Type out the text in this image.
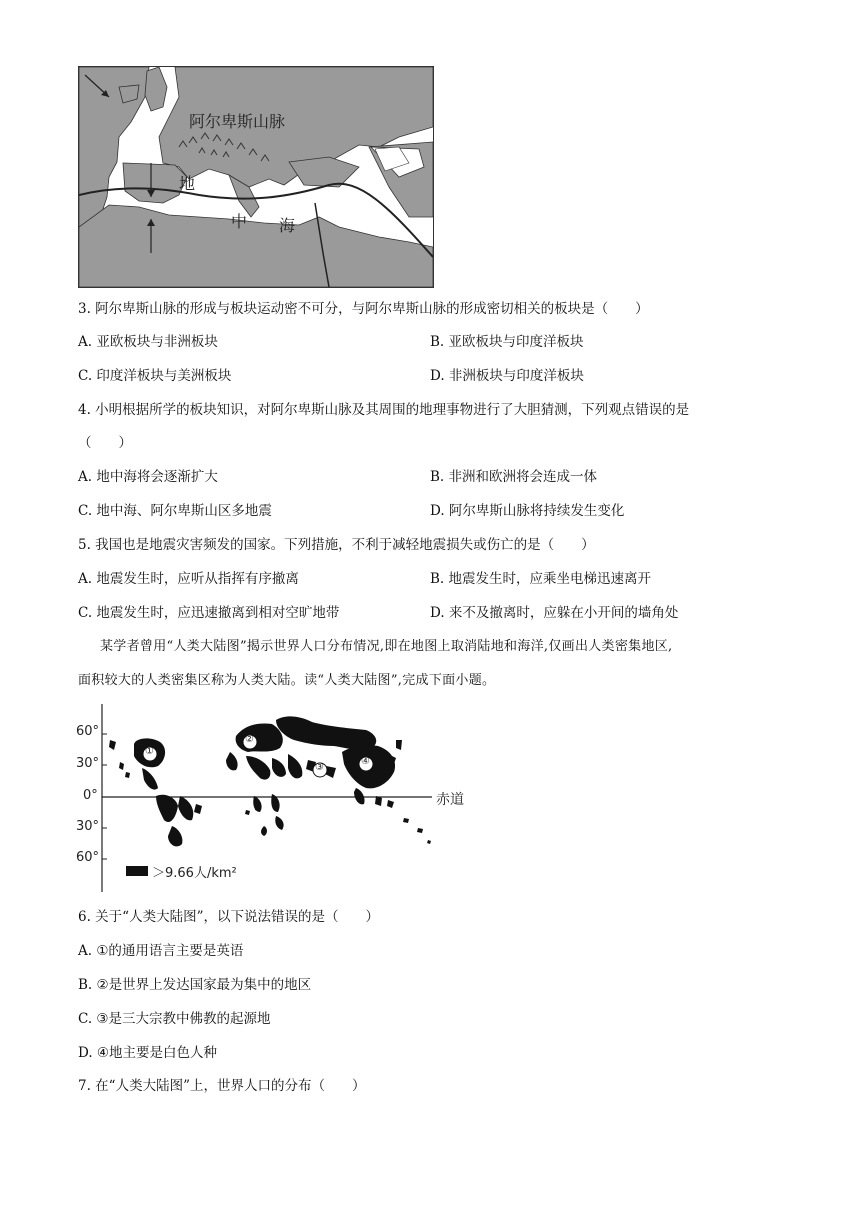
阿尔卑斯山脉
地
中 海
3. 阿尔卑斯山脉的形成与板块运动密不可分，与阿尔卑斯山脉的形成密切相关的板块是（　　）
A. 亚欧板块与非洲板块	B. 亚欧板块与印度洋板块
C. 印度洋板块与美洲板块	D. 非洲板块与印度洋板块
4. 小明根据所学的板块知识，对阿尔卑斯山脉及其周围的地理事物进行了大胆猜测，下列观点错误的是
（　　）
A. 地中海将会逐渐扩大	B. 非洲和欧洲将会连成一体
C. 地中海、阿尔卑斯山区多地震	D. 阿尔卑斯山脉将持续发生变化
5. 我国也是地震灾害频发的国家。下列措施，不利于减轻地震损失或伤亡的是（　　）
A. 地震发生时，应听从指挥有序撤离	B. 地震发生时，应乘坐电梯迅速离开
C. 地震发生时，应迅速撤离到相对空旷地带	D. 来不及撤离时，应躲在小开间的墙角处
某学者曾用“人类大陆图”揭示世界人口分布情况,即在地图上取消陆地和海洋,仅画出人类密集地区,
面积较大的人类密集区称为人类大陆。读“人类大陆图”,完成下面小题。
60°
30°
0°
30°
60°
赤道
＞9.66人/km²
①
②
③
④
6. 关于“人类大陆图”，以下说法错误的是（　　）
A. ①的通用语言主要是英语
B. ②是世界上发达国家最为集中的地区
C. ③是三大宗教中佛教的起源地
D. ④地主要是白色人种
7. 在“人类大陆图”上，世界人口的分布（　　）
